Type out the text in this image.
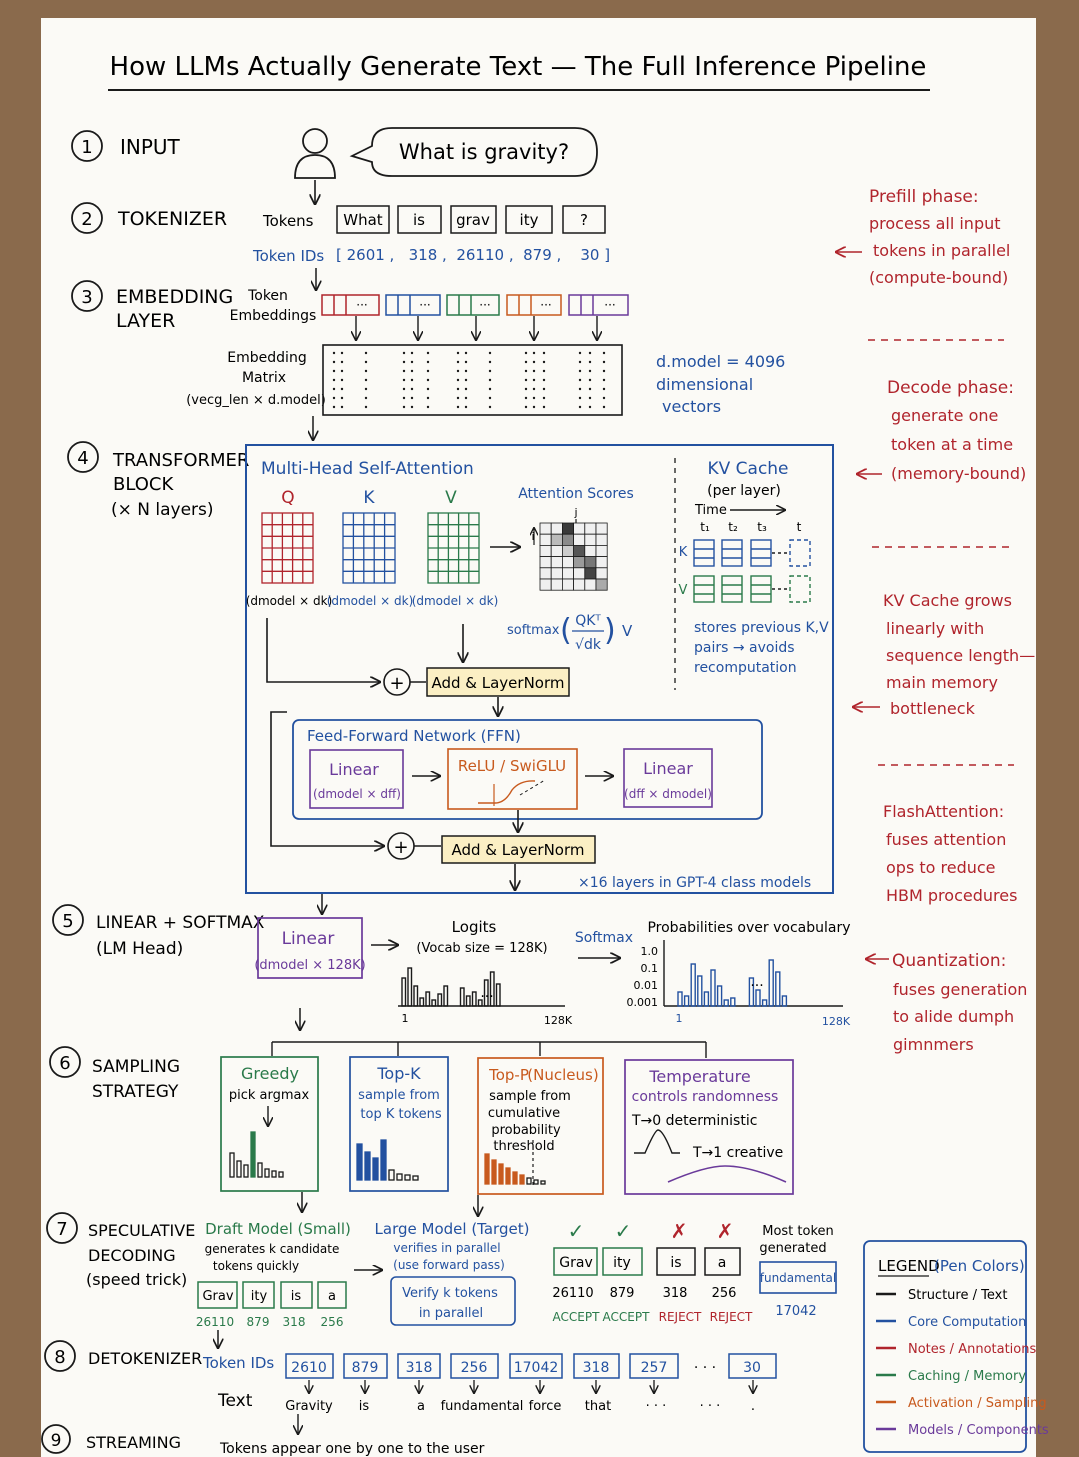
How LLMs Actually Generate Text — The Full Inference Pipeline
1 INPUT
2 TOKENIZER
3 EMBEDDING
LAYER
4 TRANSFORMER
BLOCK
(× N layers)
5 LINEAR + SOFTMAX
(LM Head)
6 SAMPLING
STRATEGY
7 SPECULATIVE
DECODING
(speed trick)
8 DETOKENIZER
9 STREAMING
What is gravity?
Tokens What is grav ity	?
Token IDs [ 2601 ,   318 ,  26110 ,  879 ,    30 ]
Token
Embeddings
···	···	···	···	···
Embedding
Matrix
(vecg_len × d.model)
d.model = 4096
dimensional
vectors
Multi-Head Self-Attention
Q	K	V
(dmodel × dk)
(dmodel × dk)
(dmodel × dk)
Attention Scores
j
i
softmax ( QKᵀ
√dk ) V
KV Cache
(per layer)
Time
t₁ t₂ t₃ t
K
V
stores previous K,V
pairs → avoids
recomputation
+ Add & LayerNorm
Feed-Forward Network (FFN)
Linear
(dmodel × dff)
ReLU / SwiGLU	Linear
(dff × dmodel)
+	Add & LayerNorm
×16 layers in GPT-4 class models
Linear
(dmodel × 128K)
Logits
(Vocab size = 128K)
···
1	128K
Softmax
Probabilities over vocabulary
1.0
0.1
0.01
0.001
···
1	128K
Greedy
pick argmax
Top-K
sample from
top K tokens
Top-P
(Nucleus)
sample from
cumulative
probability
threshold
Temperature
controls randomness
T→0 deterministic
T→1 creative
Draft Model (Small)
generates k candidate
tokens quickly
Grav ity is a
26110 879 318 256
Large Model (Target)
verifies in parallel
(use forward pass)
Verify k tokens
in parallel
✓ ✓ ✗ ✗
Grav ity	is	a
26110 879 318 256
ACCEPT ACCEPT REJECT REJECT
Most token
generated
fundamental
17042
Token IDs 2610 879 318 256 17042 318 257 · · · 30
Text	Gravity is	a fundamental force that	· · ·	· · · .
Tokens appear one by one to the user
Prefill phase:
process all input
tokens in parallel
(compute-bound)
Decode phase:
generate one
token at a time
(memory-bound)
KV Cache grows
linearly with
sequence length—
main memory
bottleneck
FlashAttention:
fuses attention
ops to reduce
HBM procedures
Quantization:
fuses generation
to alide dumph
gimnmers
LEGEND
(Pen Colors)
Structure / Text
Core Computation
Notes / Annotations
Caching / Memory
Activation / Sampling
Models / Components
